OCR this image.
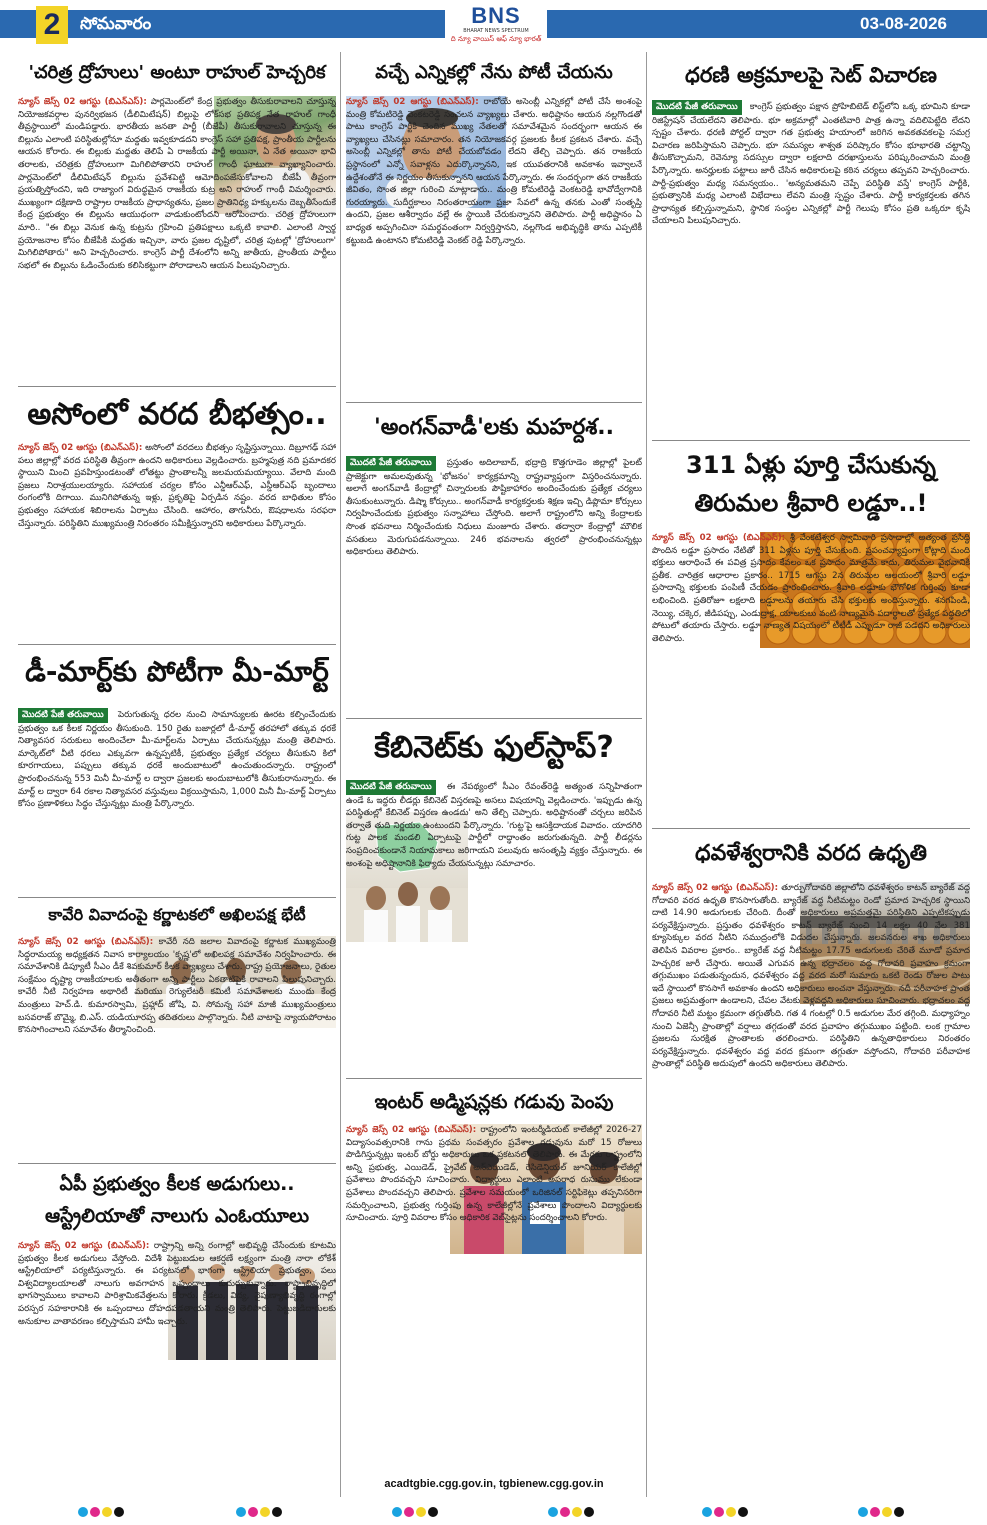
2	సోమవారం	BNS
BHARAT NEWS SPECTRUM
ది న్యూ వాయిస్ ఆఫ్ న్యూ భారత్
03-08-2026
'చరిత్ర ద్రోహులు' అంటూ రాహుల్ హెచ్చరిక
న్యూస్ జెస్స్ 02 ఆగస్టు (బిఎన్ఎస్): పార్లమెంట్‌లో కేంద్ర ప్రభుత్వం తీసుకురావాలని చూస్తున్న నియోజకవర్గాల పునర్విభజన (డీలిమిటేషన్) బిల్లుపై లోక్‌సభ ప్రతిపక్ష నేత రాహుల్ గాంధీ తీవ్రస్థాయిలో మండిపడ్డారు. భారతీయ జనతా పార్టీ (బీజేపీ) తీసుకురావాలని చూస్తున్న ఈ బిల్లును ఎలాంటి పరిస్థితుల్లోనూ మద్దతు ఇవ్వకూడదని కాంగ్రెస్ సహా ప్రతిపక్ష, ప్రాంతీయ పార్టీలను ఆయన కోరారు. ఈ బిల్లుకు మద్దతు తెలిపే ఏ రాజకీయ పార్టీ అయినా, ఏ నేత అయినా భావి తరాలకు, చరిత్రకు ద్రోహులుగా మిగిలిపోతారని రాహుల్ గాంధీ ఘాటుగా వ్యాఖ్యానించారు. పార్లమెంట్‌లో డీలిమిటేషన్ బిల్లును ప్రవేశపెట్టి ఆమోదింపజేసుకోవాలని బీజేపీ తీవ్రంగా ప్రయత్నిస్తోందని, ఇది రాజ్యాంగ విరుద్ధమైన రాజకీయ కుట్ర అని రాహుల్ గాంధీ విమర్శించారు. ముఖ్యంగా దక్షిణాది రాష్ట్రాల రాజకీయ ప్రాధాన్యతను, ప్రజల ప్రాతినిధ్య హక్కులను దెబ్బతీసేందుకే కేంద్ర ప్రభుత్వం ఈ బిల్లును ఆయుధంగా వాడుకుంటోందని ఆరోపించారు. చరిత్ర ద్రోహులుగా మారి.. "ఈ బిల్లు వెనుక ఉన్న కుట్రను గ్రహించి ప్రతిపక్షాలు ఒక్కటి కావాలి. ఎలాంటి స్వార్థ ప్రయోజనాల కోసం బీజేపీకి మద్దతు ఇచ్చినా, వారు ప్రజల దృష్టిలో, చరిత్ర పుటల్లో 'ద్రోహులుగా' మిగిలిపోతారు" అని హెచ్చరించారు. కాంగ్రెస్ పార్టీ దేశంలోని అన్ని జాతీయ, ప్రాంతీయ పార్టీలు సభలో ఈ బిల్లును ఓడించేందుకు కలిసికట్టుగా పోరాడాలని ఆయన పిలుపునిచ్చారు.
అసోంలో వరద బీభత్సం..
న్యూస్ జెస్స్ 02 ఆగస్టు (బిఎన్ఎస్): అసోంలో వరదలు బీభత్సం సృష్టిస్తున్నాయి. దిబ్రూగఢ్ సహా పలు జిల్లాల్లో వరద పరిస్థితి తీవ్రంగా ఉందని అధికారులు వెల్లడించారు. బ్రహ్మపుత్ర నది ప్రమాదకర స్థాయిని మించి ప్రవహిస్తుండటంతో లోతట్టు ప్రాంతాలన్నీ జలమయమయ్యాయి. వేలాది మంది ప్రజలు నిరాశ్రయులయ్యారు. సహాయక చర్యల కోసం ఎన్డీఆర్ఎఫ్, ఎస్డీఆర్ఎఫ్ బృందాలు రంగంలోకి దిగాయి. మునిగిపోతున్న ఇళ్లు, ప్రకృతిపై ఏర్పడిన నష్టం. వరద బాధితుల కోసం ప్రభుత్వం సహాయక శిబిరాలను ఏర్పాటు చేసింది. ఆహారం, తాగునీరు, ఔషధాలను సరఫరా చేస్తున్నారు. పరిస్థితిని ముఖ్యమంత్రి నిరంతరం సమీక్షిస్తున్నారని అధికారులు పేర్కొన్నారు.
డీ-మార్ట్‌కు పోటీగా మీ-మార్ట్
మొదటి పేజీ తరువాయి పెరుగుతున్న ధరల నుంచి సామాన్యులకు ఊరట కల్పించేందుకు ప్రభుత్వం ఒక కీలక నిర్ణయం తీసుకుంది. 150 రైతు బజార్లలో డీ-మార్ట్ తరహాలో తక్కువ ధరకే నిత్యావసర సరుకులు అందించేలా మీ-మార్ట్‌లను ఏర్పాటు చేయనున్నట్లు మంత్రి తెలిపారు. మార్కెట్‌లో వీటి ధరలు ఎక్కువగా ఉన్నప్పటికీ, ప్రభుత్వం ప్రత్యేక చర్యలు తీసుకుని కిలో కూరగాయలు, పప్పులు తక్కువ ధరకే అందుబాటులో ఉంచుతుందన్నారు. రాష్ట్రంలో ప్రారంభించనున్న 553 మినీ మీ-మార్ట్ ల ద్వారా ప్రజలకు అందుబాటులోకి తీసుకురానున్నారు. ఈ మార్ట్ ల ద్వారా 64 రకాల నిత్యావసర వస్తువులు విక్రయిస్తామని, 1,000 మినీ మీ-మార్ట్ ఏర్పాటు కోసం ప్రణాళికలు సిద్ధం చేస్తున్నట్లు మంత్రి పేర్కొన్నారు.
కావేరి వివాదంపై కర్ణాటకలో అఖిలపక్ష భేటీ
న్యూస్ జెస్స్ 02 ఆగస్టు (బిఎన్ఎస్): కావేరీ నది జలాల వివాదంపై కర్ణాటక ముఖ్యమంత్రి సిద్ధరామయ్య అధ్యక్షతన నివాస కార్యాలయం 'కృష్ణ'లో అఖిలపక్ష సమావేశం నిర్వహించారు. ఈ సమావేశానికి డిప్యూటీ సీఎం డీకే శివకుమార్ కీలక వ్యాఖ్యలు చేశారు. రాష్ట్ర ప్రయోజనాలు, రైతుల సంక్షేమం దృష్ట్యా రాజకీయాలకు అతీతంగా అన్ని పార్టీలు ఏకతాటిపైకి రావాలని పిలుపునిచ్చారు. కావేరీ నీటి నిర్వహణ అథారిటీ మరియు రెగ్యులేటరీ కమిటీ సమావేశాలకు ముందు కేంద్ర మంత్రులు హెచ్.డి. కుమారస్వామి, ప్రహ్లాద్ జోషి, వి. సోమన్న సహా మాజీ ముఖ్యమంత్రులు బసవరాజ్ బొమ్మై, బి.ఎస్. యడియూరప్ప తదితరులు పాల్గొన్నారు. నీటి వాటాపై న్యాయపోరాటం కొనసాగించాలని సమావేశం తీర్మానించింది.
ఏపీ ప్రభుత్వం కీలక అడుగులు..
ఆస్ట్రేలియాతో నాలుగు ఎంఓయూలు
న్యూస్ జెస్స్ 02 ఆగస్టు (బిఎన్ఎస్): రాష్ట్రాన్ని అన్ని రంగాల్లో అభివృద్ధి చేసేందుకు కూటమి ప్రభుత్వం కీలక అడుగులు వేస్తోంది. విదేశీ పెట్టుబడుల ఆకర్షణే లక్ష్యంగా మంత్రి నారా లోకేశ్ ఆస్ట్రేలియాలో పర్యటిస్తున్నారు. ఈ పర్యటనలో భాగంగా ఆస్ట్రేలియా ప్రభుత్వం, పలు విశ్వవిద్యాలయాలతో నాలుగు అవగాహన ఒప్పందాలు కుదుర్చుకున్నారు. రాష్ట్రాభివృద్ధిలో భాగస్వాములు కావాలని పారిశ్రామికవేత్తలను కోరారు. క్రీడలు, విద్య, నైపుణ్యాభివృద్ధి రంగాల్లో పరస్పర సహకారానికి ఈ ఒప్పందాలు దోహదపడతాయని మంత్రి తెలిపారు. పెట్టుబడిదారులకు అనుకూల వాతావరణం కల్పిస్తామని హామీ ఇచ్చారు.
వచ్చే ఎన్నికల్లో నేను పోటీ చేయను
న్యూస్ జెస్స్ 02 ఆగస్టు (బిఎన్ఎస్): రాబోయే అసెంబ్లీ ఎన్నికల్లో పోటీ చేసే అంశంపై మంత్రి కోమటిరెడ్డి వెంకటరెడ్డి సంచలన వ్యాఖ్యలు చేశారు. అధిష్టానం ఆయన నల్లగొండతో పాటు కాంగ్రెస్ పార్టీకి చెందిన ముఖ్య నేతలతో సమావేశమైన సందర్భంగా ఆయన ఈ వ్యాఖ్యలు చేసినట్లు సమాచారం. తన నియోజకవర్గ ప్రజలకు కీలక ప్రకటన చేశారు. వచ్చే అసెంబ్లీ ఎన్నికల్లో తాను పోటీ చేయబోవడం లేదని తేల్చి చెప్పారు. తన రాజకీయ ప్రస్థానంలో ఎన్నో సవాళ్లను ఎదుర్కొన్నానని, ఇక యువతరానికి అవకాశం ఇవ్వాలనే ఉద్దేశంతోనే ఈ నిర్ణయం తీసుకున్నానని ఆయన పేర్కొన్నారు. ఈ సందర్భంగా తన రాజకీయ జీవితం, సొంత జిల్లా గురించి మాట్లాడారు.. మంత్రి కోమటిరెడ్డి వెంకటరెడ్డి భావోద్వేగానికి గురయ్యారు. సుదీర్ఘకాలం నిరంతరాయంగా ప్రజా సేవలో ఉన్న తనకు ఎంతో సంతృప్తి ఉందని, ప్రజల ఆశీర్వాదం వల్లే ఈ స్థాయికి చేరుకున్నానని తెలిపారు. పార్టీ అధిష్టానం ఏ బాధ్యత అప్పగించినా సమర్థవంతంగా నిర్వర్తిస్తానని, నల్లగొండ అభివృద్ధికి తాను ఎప్పటికీ కట్టుబడి ఉంటానని కోమటిరెడ్డి వెంకట్ రెడ్డి పేర్కొన్నారు.
'అంగన్‌వాడీ'లకు మహర్దశ..
మొదటి పేజీ తరువాయి ప్రస్తుతం అదిలాబాద్, భద్రాద్రి కొత్తగూడెం జిల్లాల్లో పైలట్ ప్రాజెక్టుగా అమలవుతున్న 'భోజనం' కార్యక్రమాన్ని రాష్ట్రవ్యాప్తంగా విస్తరించనున్నారు. అలాగే అంగన్‌వాడీ కేంద్రాల్లో చిన్నారులకు పౌష్టికాహారం అందించేందుకు ప్రత్యేక చర్యలు తీసుకుంటున్నారు. డిష్మా కోర్సులు.. అంగన్‌వాడీ కార్యకర్తలకు శిక్షణ ఇచ్చి డిప్లొమా కోర్సులు నిర్వహించేందుకు ప్రభుత్వం సన్నాహాలు చేస్తోంది. అలాగే రాష్ట్రంలోని అన్ని కేంద్రాలకు సొంత భవనాలు నిర్మించేందుకు నిధులు మంజూరు చేశారు. తద్వారా కేంద్రాల్లో మౌలిక వసతులు మెరుగుపడనున్నాయి. 246 భవనాలను త్వరలో ప్రారంభించనున్నట్లు అధికారులు తెలిపారు.
కేబినెట్‌కు ఫుల్‌స్టాప్?
మొదటి పేజీ తరువాయి ఈ నేపథ్యంలో సీఎం రేవంత్‌రెడ్డి అత్యంత సన్నిహితంగా ఉండే ఓ ఇద్దరు లీడర్లు కేబినెట్ విస్తరణపై అసలు విషయాన్ని వెల్లడించారు. 'ఇప్పుడు ఉన్న పరిస్థితుల్లో కేబినెట్ విస్తరణ ఉండదు' అని తేల్చి చెప్పారు. అధిష్టానంతో చర్చలు జరిపిన తర్వాతే తుది నిర్ణయం ఉంటుందని పేర్కొన్నారు. 'గుట్ట'పై ఆసక్తిదాయక వివాదం. యాదగిరి గుట్ట పాలక మండలి ఏర్పాటుపై పార్టీలో రాద్ధాంతం జరుగుతున్నది. పార్టీ లీడర్లను సంప్రదించకుండానే నియామకాలు జరిగాయని పలువురు అసంతృప్తి వ్యక్తం చేస్తున్నారు. ఈ అంశంపై అధిష్టానానికి ఫిర్యాదు చేయనున్నట్లు సమాచారం.
ఇంటర్ అడ్మిషన్లకు గడువు పెంపు
న్యూస్ జెస్స్ 02 ఆగస్టు (బిఎన్ఎస్): రాష్ట్రంలోని ఇంటర్మీడియట్ కాలేజీల్లో 2026-27 విద్యాసంవత్సరానికి గాను ప్రథమ సంవత్సరం ప్రవేశాల గడువును మరో 15 రోజులు పొడిగిస్తున్నట్లు ఇంటర్ బోర్డు అధికారులు ఒక ప్రకటనలో తెలిపారు. ఈ మేరకు రాష్ట్రంలోని అన్ని ప్రభుత్వ, ఎయిడెడ్, ప్రైవేట్ అన్ఎయిడెడ్, రెసిడెన్షియల్ జూనియర్ కాలేజీల్లో ప్రవేశాలు పొందవచ్చని సూచించారు. విద్యార్థులు ఎలాంటి అపరాధ రుసుము లేకుండా ప్రవేశాలు పొందవచ్చని తెలిపారు. ప్రవేశాల సమయంలో ఒరిజినల్ సర్టిఫికెట్లు తప్పనిసరిగా సమర్పించాలని, ప్రభుత్వ గుర్తింపు ఉన్న కాలేజీల్లోనే ప్రవేశాలు పొందాలని విద్యార్థులకు సూచించారు. పూర్తి వివరాల కోసం అధికారిక వెబ్‌సైట్లను సందర్శించాలని కోరారు.
acadtgbie.cgg.gov.in, tgbienew.cgg.gov.in
ధరణి అక్రమాలపై సెట్ విచారణ
మొదటి పేజీ తరువాయి కాంగ్రెస్ ప్రభుత్వం పక్షాన ప్రోహిబిటెడ్ లిస్ట్‌లోని ఒక్క భూమిని కూడా రిజిస్ట్రేషన్ చేయలేదని తెలిపారు. భూ అక్రమాల్లో ఎంతటివారి పాత్ర ఉన్నా వదిలిపెట్టేది లేదని స్పష్టం చేశారు. ధరణి పోర్టల్ ద్వారా గత ప్రభుత్వ హయాంలో జరిగిన అవకతవకలపై సమగ్ర విచారణ జరిపిస్తామని చెప్పారు. భూ సమస్యల శాశ్వత పరిష్కారం కోసం భూభారతి చట్టాన్ని తీసుకొచ్చామని, రెవెన్యూ సదస్సుల ద్వారా లక్షలాది దరఖాస్తులను పరిష్కరించామని మంత్రి పేర్కొన్నారు. అనర్హులకు పట్టాలు జారీ చేసిన అధికారులపై కఠిన చర్యలు తప్పవని హెచ్చరించారు. పార్టీ-ప్రభుత్వం మధ్య సమన్వయం.. 'అన్యమతమని చెప్పే పరిస్థితి వస్తే' కాంగ్రెస్ పార్టీకి, ప్రభుత్వానికి మధ్య ఎలాంటి విభేదాలు లేవని మంత్రి స్పష్టం చేశారు. పార్టీ కార్యకర్తలకు తగిన ప్రాధాన్యత కల్పిస్తున్నామని, స్థానిక సంస్థల ఎన్నికల్లో పార్టీ గెలుపు కోసం ప్రతి ఒక్కరూ కృషి చేయాలని పిలుపునిచ్చారు.
311 ఏళ్లు పూర్తి చేసుకున్న
తిరుమల శ్రీవారి లడ్డూ..!
న్యూస్ జెస్స్ 02 ఆగస్టు (బిఎన్ఎస్): శ్రీ వేంకటేశ్వర స్వామివారి ప్రసాదాల్లో అత్యంత ప్రసిద్ధి పొందిన లడ్డూ ప్రసాదం నేటితో 311 ఏళ్లను పూర్తి చేసుకుంది. ప్రపంచవ్యాప్తంగా కోట్లాది మంది భక్తులు ఆరాధించే ఈ పవిత్ర ప్రసాదం కేవలం ఒక ప్రసాదం మాత్రమే కాదు, తిరుమల వైభవానికి ప్రతీక. చారిత్రక ఆధారాల ప్రకారం.. 1715 ఆగస్టు 2న తిరుమల ఆలయంలో శ్రీవారి లడ్డూ ప్రసాదాన్ని భక్తులకు పంపిణీ చేయడం ప్రారంభించారు. శ్రీవారి లడ్డూకు భౌగోళిక గుర్తింపు కూడా లభించింది. ప్రతిరోజూ లక్షలాది లడ్డూలను తయారు చేసి భక్తులకు అందిస్తున్నారు. శనగపిండి, నెయ్యి, చక్కెర, జీడిపప్పు, ఎండుద్రాక్ష, యాలకులు వంటి నాణ్యమైన పదార్థాలతో ప్రత్యేక పద్ధతిలో పోటులో తయారు చేస్తారు. లడ్డూ నాణ్యత విషయంలో టీటీడీ ఎప్పుడూ రాజీ పడదని అధికారులు తెలిపారు.
ధవళేశ్వరానికి వరద ఉధృతి
న్యూస్ జెస్స్ 02 ఆగస్టు (బిఎన్ఎస్): తూర్పుగోదావరి జిల్లాలోని ధవళేశ్వరం కాటన్ బ్యారేజ్ వద్ద గోదావరి వరద ఉధృతి కొనసాగుతోంది. బ్యారేజ్ వద్ద నీటిమట్టం రెండో ప్రమాద హెచ్చరిక స్థాయిని దాటి 14.90 అడుగులకు చేరింది. దీంతో అధికారులు అప్రమత్తమై పరిస్థితిని ఎప్పటికప్పుడు పర్యవేక్షిస్తున్నారు. ప్రస్తుతం ధవళేశ్వరం కాటన్ బ్యారేజ్ నుంచి 14 లక్షల 40 వేల 381 క్యూసెక్కుల వరద నీటిని సముద్రంలోకి విడుదల చేస్తున్నారు. జలవనరుల శాఖ అధికారులు తెలిపిన వివరాల ప్రకారం.. బ్యారేజ్ వద్ద నీటిమట్టం 17.75 అడుగులకు చేరితే మూడో ప్రమాద హెచ్చరిక జారీ చేస్తారు. అయితే ఎగువన ఉన్న భద్రాచలం వద్ద గోదావరి ప్రవాహం క్రమంగా తగ్గుముఖం పడుతున్నందున, ధవళేశ్వరం వద్ద వరద మరో సుమారు ఒకటి రెండు రోజుల పాటు ఇదే స్థాయిలో కొనసాగే అవకాశం ఉందని అధికారులు అంచనా వేస్తున్నారు. నదీ పరీవాహక ప్రాంత ప్రజలు అప్రమత్తంగా ఉండాలని, చేపల వేటకు వెళ్లవద్దని అధికారులు సూచించారు. భద్రాచలం వద్ద గోదావరి నీటి మట్టం క్రమంగా తగ్గుతోంది. గత 4 గంటల్లో 0.5 అడుగుల మేర తగ్గింది. మధ్యాహ్నం నుంచి ఏజెన్సీ ప్రాంతాల్లో వర్షాలు తగ్గడంతో వరద ప్రవాహం తగ్గుముఖం పట్టింది. లంక గ్రామాల ప్రజలను సురక్షిత ప్రాంతాలకు తరలించారు. పరిస్థితిని ఉన్నతాధికారులు నిరంతరం పర్యవేక్షిస్తున్నారు. ధవళేశ్వరం వద్ద వరద క్రమంగా తగ్గుతూ వస్తోందని, గోదావరి పరీవాహక ప్రాంతాల్లో పరిస్థితి అదుపులో ఉందని అధికారులు తెలిపారు.
